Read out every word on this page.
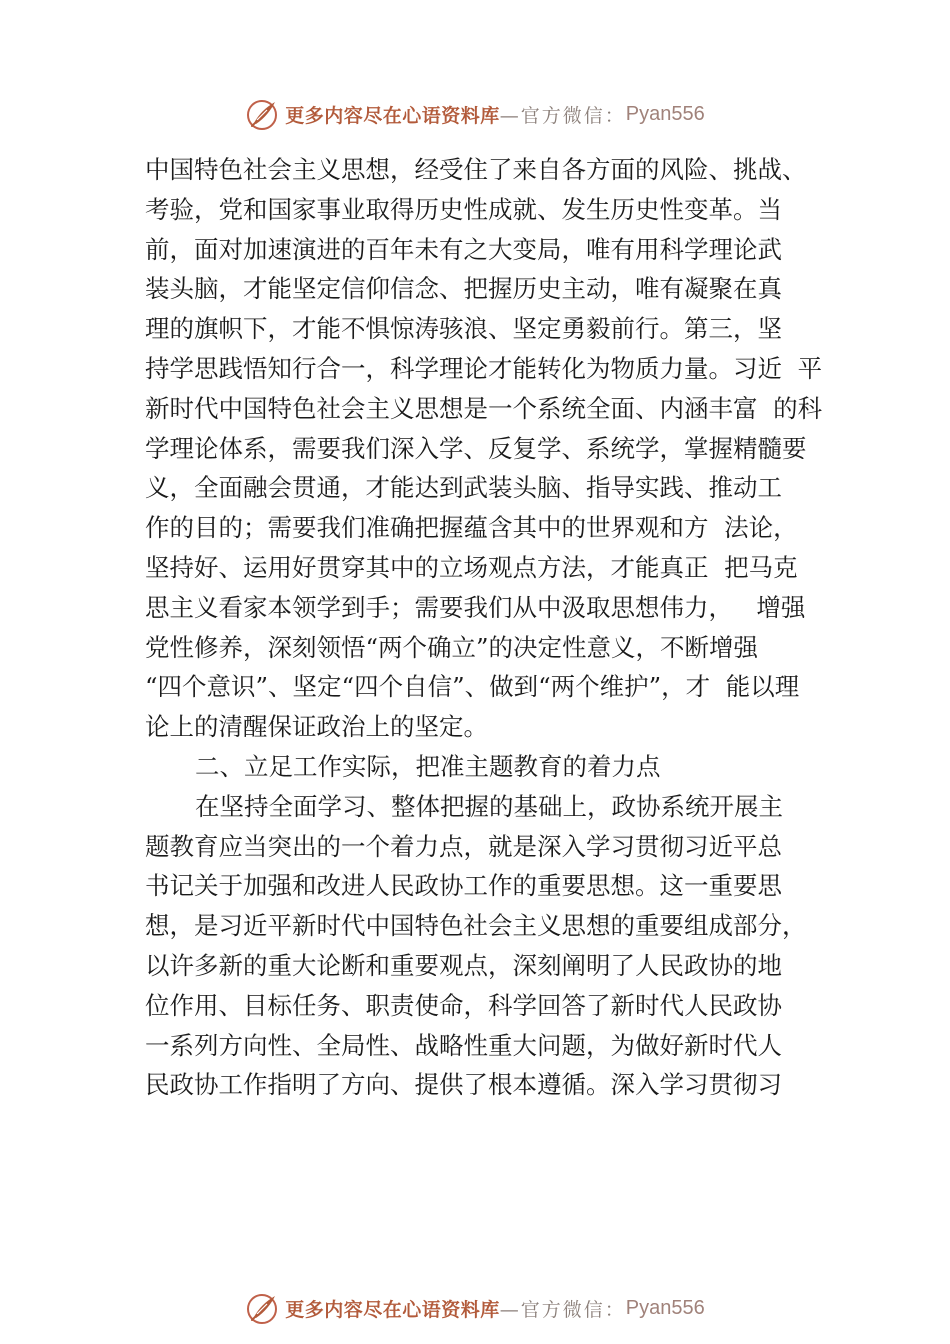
更多内容尽在心语资料库 —官方微信： Pyan556
中国特色社会主义思想，经受住了来自各方面的风险、挑战、
考验，党和国家事业取得历史性成就、发生历史性变革。当
前，面对加速演进的百年未有之大变局，唯有用科学理论武
装头脑，才能坚定信仰信念、把握历史主动，唯有凝聚在真
理的旗帜下，才能不惧惊涛骇浪、坚定勇毅前行。第三，坚
持学思践悟知行合一，科学理论才能转化为物质力量。习近  平
新时代中国特色社会主义思想是一个系统全面、内涵丰富  的科
学理论体系，需要我们深入学、反复学、系统学，掌握精髓要
义，全面融会贯通，才能达到武装头脑、指导实践、推动工
作的目的；需要我们准确把握蕴含其中的世界观和方  法论，
坚持好、运用好贯穿其中的立场观点方法，才能真正  把马克
思主义看家本领学到手；需要我们从中汲取思想伟力，   增强
党性修养，深刻领悟“两个确立”的决定性意义，不断增强
“四个意识”、坚定“四个自信”、做到“两个维护”，才  能以理
论上的清醒保证政治上的坚定。
二、立足工作实际，把准主题教育的着力点
在坚持全面学习、整体把握的基础上，政协系统开展主
题教育应当突出的一个着力点，就是深入学习贯彻习近平总
书记关于加强和改进人民政协工作的重要思想。这一重要思
想，是习近平新时代中国特色社会主义思想的重要组成部分，
以许多新的重大论断和重要观点，深刻阐明了人民政协的地
位作用、目标任务、职责使命，科学回答了新时代人民政协
一系列方向性、全局性、战略性重大问题，为做好新时代人
民政协工作指明了方向、提供了根本遵循。深入学习贯彻习
更多内容尽在心语资料库 —官方微信： Pyan556
